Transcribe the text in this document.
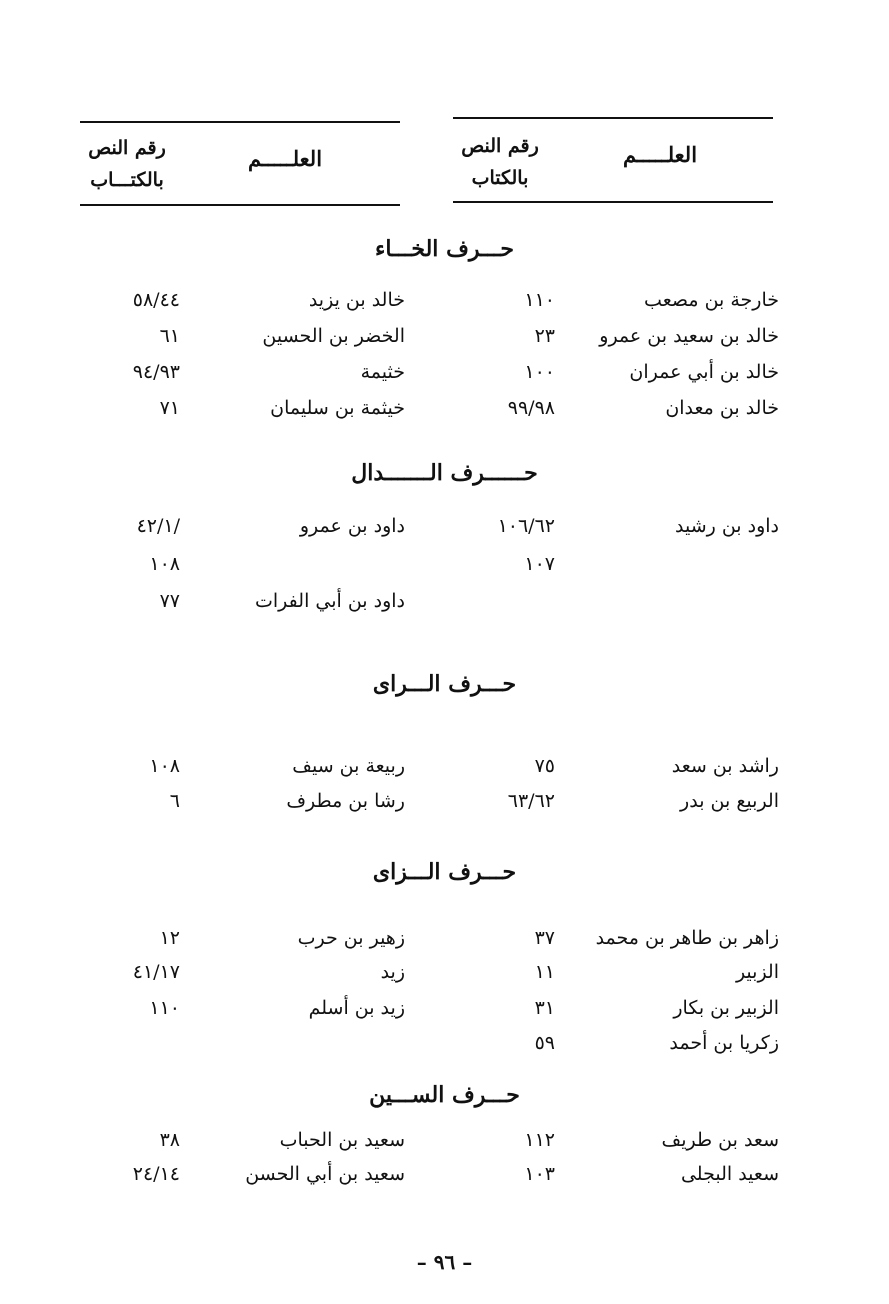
العلـــــم
رقم النص
بالكتاب
العلـــــم
رقم النص
بالكتـــاب
حـــرف الخـــاء
خارجة بن مصعب
١١٠
خالد بن يزيد
٥٨/٤٤
خالد بن سعيد بن عمرو
٢٣
الخضر بن الحسين
٦١
خالد بن أبي عمران
١٠٠
خثيمة
٩٤/٩٣
خالد بن معدان
٩٩/٩٨
خيثمة بن سليمان
٧١
حــــــرف الـــــــدال
داود بن رشيد
١٠٦/٦٢
داود بن عمرو
/٤٢/١
١٠٧
١٠٨
داود بن أبي الفرات
٧٧
حـــرف الـــراى
راشد بن سعد
٧٥
ربيعة بن سيف
١٠٨
الربيع بن بدر
٦٣/٦٢
رشا بن مطرف
٦
حـــرف الـــزاى
زاهر بن طاهر بن محمد
٣٧
زهير بن حرب
١٢
الزبير
١١
زيد
٤١/١٧
الزبير بن بكار
٣١
زيد بن أسلم
١١٠
زكريا بن أحمد
٥٩
حـــرف الســـين
سعد بن طريف
١١٢
سعيد بن الحباب
٣٨
سعيد البجلى
١٠٣
سعيد بن أبي الحسن
٢٤/١٤
– ٩٦ –
